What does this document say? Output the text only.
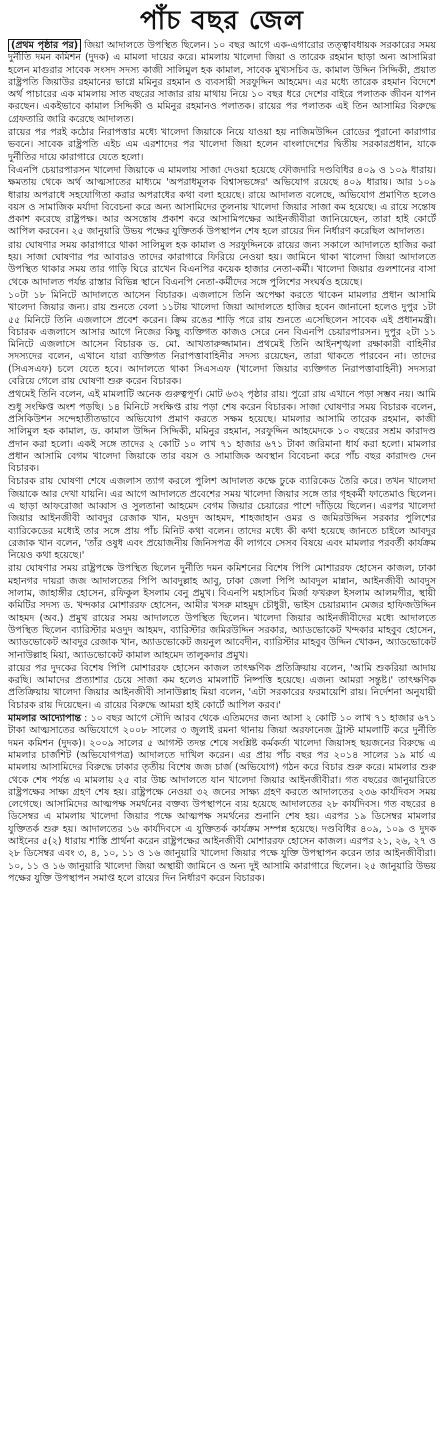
পাঁচ বছর জেল

(প্রথম পৃষ্ঠার পর) জিয়া আদালতে উপস্থিত ছিলেন। ১০ বছর আগে এক-এগারোর তত্ত্বাবধায়ক সরকারের সময় দুর্নীতি দমন কমিশন (দুদক) এ মামলা দায়ের করে। মামলায় খালেদা জিয়া ও তারেক রহমান ছাড়া অন্য আসামিরা হলেন মাগুরার সাবেক সংসদ সদস্য কাজী সালিমুল হক কামাল, সাবেক মুখ্যসচিব ড. কামাল উদ্দিন সিদ্দিকী, প্রয়াত রাষ্ট্রপতি জিয়াউর রহমানের ভাগ্নে মমিনুর রহমান ও ব্যবসায়ী সরফুদ্দিন আহমেদ। এর মধ্যে তারেক রহমান বিদেশে অর্থ পাচারের এক মামলায় সাত বছরের সাজার রায় মাথায় নিয়ে ১০ বছর ধরে দেশের বাইরে পলাতক জীবন যাপন করছেন। একইভাবে কামাল সিদ্দিকী ও মমিনুর রহমানও পলাতক। রায়ের পর পলাতক এই তিন আসামির বিরুদ্ধে গ্রেফতারি জারি করেছে আদালত।

রায়ের পর পরই কঠোর নিরাপত্তার মধ্যে খালেদা জিয়াকে নিয়ে যাওয়া হয় নাজিমউদ্দিন রোডের পুরানো কারাগার ভবনে। সাবেক রাষ্ট্রপতি এইচ এম এরশাদের পর খালেদা জিয়া হলেন বাংলাদেশের দ্বিতীয় সরকারপ্রধান, যাকে দুর্নীতির দায়ে কারাগারে যেতে হলো।

বিএনপি চেয়ারপারসন খালেদা জিয়াকে এ মামলায় সাজা দেওয়া হয়েছে ফৌজদারি দণ্ডবিধির ৪০৯ ও ১০৯ ধারায়। ক্ষমতায় থেকে অর্থ আত্মসাতের মাধ্যমে 'অপরাধমূলক বিশ্বাসভঙ্গের' অভিযোগ রয়েছে ৪০৯ ধারায়। আর ১০৯ ধারায় অপরাধে সহযোগিতা করার অপরাধের কথা বলা হয়েছে। রায়ে আদালত বলেছে, অভিযোগ প্রমাণিত হলেও বয়স ও সামাজিক মর্যাদা বিবেচনা করে অন্য আসামিদের তুলনায় খালেদা জিয়ার সাজা কম হয়েছে। এ রায়ে সন্তোষ প্রকাশ করেছে রাষ্ট্রপক্ষ। আর অসন্তোষ প্রকাশ করে আসামিপক্ষের আইনজীবীরা জানিয়েছেন, তারা হাই কোর্টে আপিল করবেন। ২৫ জানুয়ারি উভয় পক্ষের যুক্তিতর্ক উপস্থাপন শেষ হলে রায়ের দিন নির্ধারণ করেছিল আদালত।

রায় ঘোষণার সময় কারাগারে থাকা সালিমুল হক কামাল ও সরফুদ্দিনকে রায়ের জন্য সকালে আদালতে হাজির করা হয়। সাজা ঘোষণার পর আবারও তাদের কারাগারে ফিরিয়ে নেওয়া হয়। জামিনে থাকা খালেদা জিয়া আদালতে উপস্থিত থাকার সময় তার গাড়ি ঘিরে রাখেন বিএনপির কয়েক হাজার নেতা-কর্মী। খালেদা জিয়ার গুলশানের বাসা থেকে আদালত পর্যন্ত রাস্তার বিভিন্ন স্থানে বিএনপি নেতা-কর্মীদের সঙ্গে পুলিশের সংঘর্ষও হয়েছে।

১০টা ১৮ মিনিটে আদালতে আসেন বিচারক। এজলাসে তিনি অপেক্ষা করতে থাকেন মামলার প্রধান আসামি খালেদা জিয়ার জন্য। রায় শুনতে বেলা ১১টায় খালেদা জিয়া আদালতে হাজির হবেন জানানো হলেও দুপুর ১টা ৫৫ মিনিটে তিনি এজলাসে প্রবেশ করেন। ক্রিম রঙের শাড়ি পরে রায় শুনতে এসেছিলেন সাবেক এই প্রধানমন্ত্রী। বিচারক এজলাসে আসার আগে নিজের কিছু ব্যক্তিগত কাজও সেরে নেন বিএনপি চেয়ারপারসন। দুপুর ২টা ১১ মিনিটে এজলাসে আসেন বিচারক ড. মো. আখতারুজ্জামান। প্রথমেই তিনি আইনশৃঙ্খলা রক্ষাকারী বাহিনীর সদস্যদের বলেন, এখানে যারা ব্যক্তিগত নিরাপত্তাবাহিনীর সদস্য রয়েছেন, তারা থাকতে পারবেন না। তাদের (সিএসএফ) চলে যেতে হবে। আদালতে থাকা সিএসএফ (খালেদা জিয়ার ব্যক্তিগত নিরাপত্তাবাহিনী) সদস্যরা বেরিয়ে গেলে রায় ঘোষণা শুরু করেন বিচারক।

প্রথমেই তিনি বলেন, এই মামলাটি অনেক গুরুত্বপূর্ণ। মোট ৬৩২ পৃষ্ঠার রায়। পুরো রায় এখানে পড়া সম্ভব নয়। আমি শুধু সংক্ষিপ্ত অংশ পড়ছি। ১৪ মিনিটে সংক্ষিপ্ত রায় পড়া শেষ করেন বিচারক। সাজা ঘোষণার সময় বিচারক বলেন, প্রসিকিউশন সন্দেহাতীতভাবে অভিযোগ প্রমাণ করতে সক্ষম হয়েছে। মামলার আসামি তারেক রহমান, কাজী সালিমুল হক কামাল, ড. কামাল উদ্দিন সিদ্দিকী, মমিনুর রহমান, সরফুদ্দিন আহমেদকে ১০ বছরের সশ্রম কারাদণ্ড প্রদান করা হলো। একই সঙ্গে তাদের ২ কোটি ১০ লাখ ৭১ হাজার ৬৭১ টাকা জরিমানা ধার্য করা হলো। মামলার প্রধান আসামি বেগম খালেদা জিয়াকে তার বয়স ও সামাজিক অবস্থান বিবেচনা করে পাঁচ বছর কারাদণ্ড দেন বিচারক।

বিচারক রায় ঘোষণা শেষে এজলাস ত্যাগ করলে পুলিশ আদালত কক্ষে ঢুকে ব্যারিকেড তৈরি করে। তখন খালেদা জিয়াকে আর দেখা যায়নি। এর আগে আদালতে প্রবেশের সময় খালেদা জিয়ার সঙ্গে তার গৃহকর্মী ফাতেমাও ছিলেন। এ ছাড়া আফরোজা আব্বাস ও সুলতানা আহমেদ বেগম জিয়ার চেয়ারের পাশে দাঁড়িয়ে ছিলেন। এরপর খালেদা জিয়ার আইনজীবী আবদুর রেজাক খান, মওদুদ আহমদ, শাহজাহান ওমর ও জমিরউদ্দিন সরকার পুলিশের ব্যারিকেডের মধ্যেই তার সঙ্গে প্রায় পাঁচ মিনিট কথা বলেন। তাদের মধ্যে কী কথা হয়েছে জানতে চাইলে আবদুর রেজাক খান বলেন, 'তাঁর ওষুধ এবং প্রয়োজনীয় জিনিসপত্র কী লাগবে সেসব বিষয়ে এবং মামলার পরবর্তী কার্যক্রম নিয়েও কথা হয়েছে।'

রায় ঘোষণার সময় রাষ্ট্রপক্ষে উপস্থিত ছিলেন দুর্নীতি দমন কমিশনের বিশেষ পিপি মোশাররফ হোসেন কাজল, ঢাকা মহানগর দায়রা জজ আদালতের পিপি আবদুল্লাহ আবু, ঢাকা জেলা পিপি আবদুল মান্নান, আইনজীবী আবদুস সালাম, জাহাঙ্গীর হোসেন, রফিকুল ইসলাম বেনু প্রমুখ। বিএনপি মহাসচিব মির্জা ফখরুল ইসলাম আলমগীর, স্থায়ী কমিটির সদস্য ড. খন্দকার মোশাররফ হোসেন, আমীর খসরু মাহমুদ চৌধুরী, ভাইস চেয়ারম্যান মেজর হাফিজউদ্দিন আহমদ (অব.) প্রমুখ রায়ের সময় আদালতে উপস্থিত ছিলেন। খালেদা জিয়ার আইনজীবীদের মধ্যে আদালতে উপস্থিত ছিলেন ব্যারিস্টার মওদুদ আহমদ, ব্যারিস্টার জমিরউদ্দিন সরকার, অ্যাডভোকেট খন্দকার মাহবুব হোসেন, অ্যাডভোকেট আবদুর রেজাক খান, অ্যাডভোকেট জয়নুল আবেদীন, ব্যারিস্টার মাহবুব উদ্দিন খোকন, অ্যাডভোকেট সানাউল্লাহ মিয়া, অ্যাডভোকেট কামাল আহমেদ তালুকদার প্রমুখ।

রায়ের পর দুদকের বিশেষ পিপি মোশাররফ হোসেন কাজল তাৎক্ষণিক প্রতিক্রিয়ায় বলেন, 'আমি শুকরিয়া আদায় করছি। আমাদের প্রত্যাশার চেয়ে সাজা কম হলেও মামলাটি নিষ্পত্তি হয়েছে। এজন্য আমরা সন্তুষ্ট।' তাৎক্ষণিক প্রতিক্রিয়ায় খালেদা জিয়ার আইনজীবী সানাউল্লাহ মিয়া বলেন, 'এটা সরকারের ফরমায়েশি রায়। নির্দেশনা অনুযায়ী বিচারক রায় দিয়েছেন। এ রায়ের বিরুদ্ধে আমরা হাই কোর্টে আপিল করব।'

মামলার আদ্যোপান্ত : ১০ বছর আগে সৌদি আরব থেকে এতিমদের জন্য আসা ২ কোটি ১০ লাখ ৭১ হাজার ৬৭১ টাকা আত্মসাতের অভিযোগে ২০০৮ সালের ৩ জুলাই রমনা থানায় জিয়া অরফানেজ ট্রাস্ট মামলাটি করে দুর্নীতি দমন কমিশন (দুদক)। ২০০৯ সালের ৫ আগস্ট তদন্ত শেষে সংশ্লিষ্ট কর্মকর্তা খালেদা জিয়াসহ ছয়জনের বিরুদ্ধে এ মামলার চার্জশিট (অভিযোগপত্র) আদালতে দাখিল করেন। এর প্রায় পাঁচ বছর পর ২০১৪ সালের ১৯ মার্চ এ মামলায় আসামিদের বিরুদ্ধে ঢাকার তৃতীয় বিশেষ জজ চার্জ (অভিযোগ) গঠন করে বিচার শুরু করে। মামলার শুরু থেকে শেষ পর্যন্ত এ মামলায় ২৫ বার উচ্চ আদালতে যান খালেদা জিয়ার আইনজীবীরা। গত বছরের জানুয়ারিতে রাষ্ট্রপক্ষের সাক্ষ্য গ্রহণ শেষ হয়। রাষ্ট্রপক্ষে নেওয়া ৩২ জনের সাক্ষ্য গ্রহণ করতে আদালতের ২৩৬ কার্যদিবস সময় লেগেছে। আসামিদের আত্মপক্ষ সমর্থনের বক্তব্য উপস্থাপনে ব্যয় হয়েছে আদালতের ২৮ কার্যদিবস। গত বছরের ৪ ডিসেম্বর এ মামলায় খালেদা জিয়ার পক্ষে আত্মপক্ষ সমর্থনের শুনানি শেষ হয়। এরপর ১৯ ডিসেম্বর মামলার যুক্তিতর্ক শুরু হয়। আদালতের ১৬ কার্যদিবসে এ যুক্তিতর্ক কার্যক্রম সম্পন্ন হয়েছে। দণ্ডবিধির ৪০৯, ১০৯ ও দুদক আইনের ৫(২) ধারায় শাস্তি প্রার্থনা করেন রাষ্ট্রপক্ষের আইনজীবী মোশাররফ হোসেন কাজল। এরপর ২১, ২৬, ২৭ ও ২৮ ডিসেম্বর এবং ৩, ৪, ১০, ১১ ও ১৬ জানুয়ারি খালেদা জিয়ার পক্ষে যুক্তি উপস্থাপন করেন তার আইনজীবীরা। ১০, ১১ ও ১৬ জানুয়ারি খালেদা জিয়া অস্থায়ী জামিনে ও অন্য দুই আসামি কারাগারে ছিলেন। ২৫ জানুয়ারি উভয় পক্ষের যুক্তি উপস্থাপন সমাপ্ত হলে রায়ের দিন নির্ধারণ করেন বিচারক।
